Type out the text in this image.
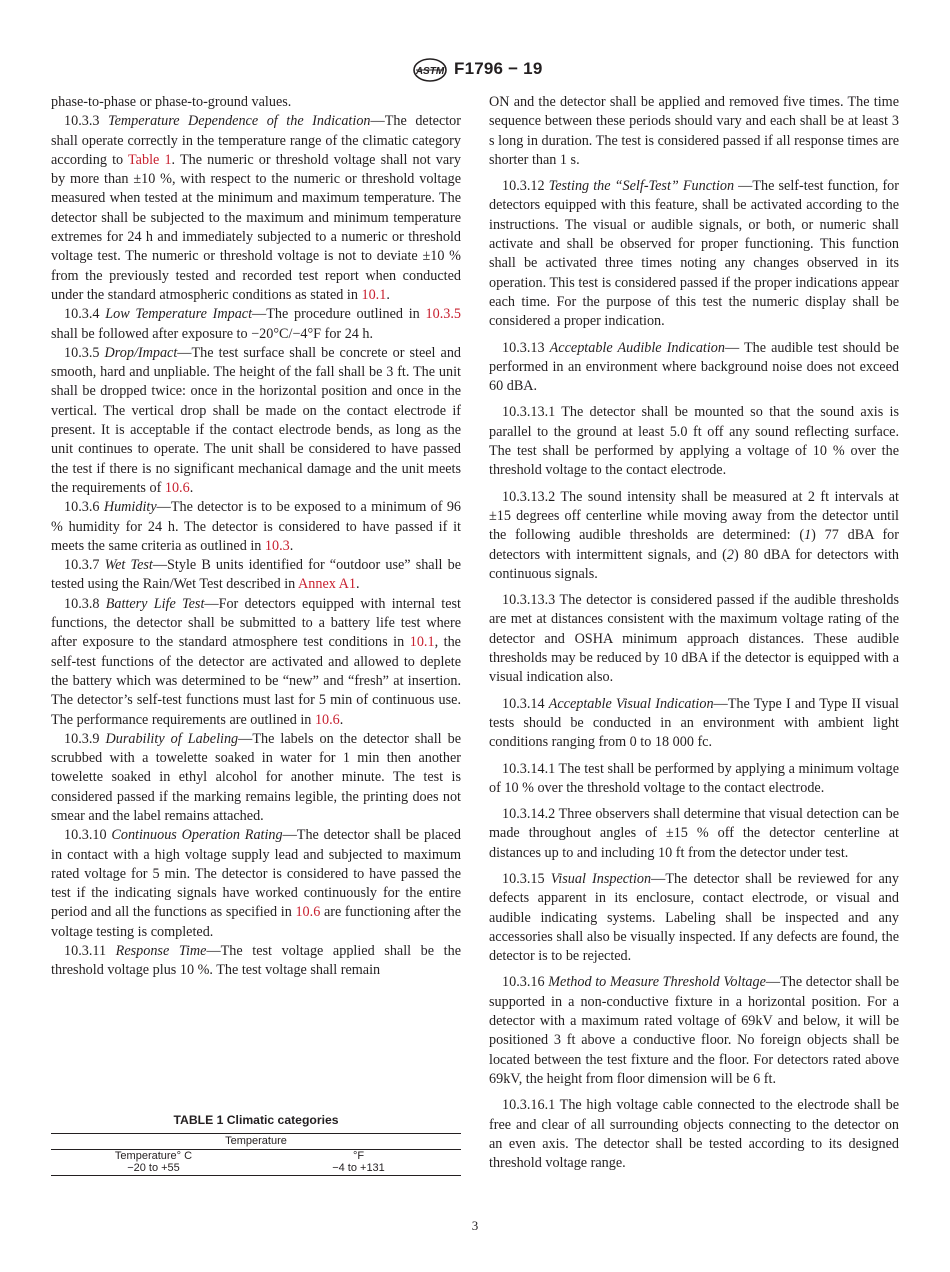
ASTM F1796 − 19

phase-to-phase or phase-to-ground values.

10.3.3 Temperature Dependence of the Indication—The detector shall operate correctly in the temperature range of the climatic category according to Table 1. The numeric or threshold voltage shall not vary by more than ±10 %, with respect to the numeric or threshold voltage measured when tested at the minimum and maximum temperature. The detector shall be subjected to the maximum and minimum temperature extremes for 24 h and immediately subjected to a numeric or threshold voltage test. The numeric or threshold voltage is not to deviate ±10 % from the previously tested and recorded test report when conducted under the standard atmospheric conditions as stated in 10.1.

10.3.4 Low Temperature Impact—The procedure outlined in 10.3.5 shall be followed after exposure to −20°C/−4°F for 24 h.

10.3.5 Drop/Impact—The test surface shall be concrete or steel and smooth, hard and unpliable. The height of the fall shall be 3 ft. The unit shall be dropped twice: once in the horizontal position and once in the vertical. The vertical drop shall be made on the contact electrode if present. It is acceptable if the contact electrode bends, as long as the unit continues to operate. The unit shall be considered to have passed the test if there is no significant mechanical damage and the unit meets the requirements of 10.6.

10.3.6 Humidity—The detector is to be exposed to a minimum of 96 % humidity for 24 h. The detector is considered to have passed if it meets the same criteria as outlined in 10.3.

10.3.7 Wet Test—Style B units identified for “outdoor use” shall be tested using the Rain/Wet Test described in Annex A1.

10.3.8 Battery Life Test—For detectors equipped with internal test functions, the detector shall be submitted to a battery life test where after exposure to the standard atmosphere test conditions in 10.1, the self-test functions of the detector are activated and allowed to deplete the battery which was determined to be “new” and “fresh” at insertion. The detector’s self-test functions must last for 5 min of continuous use. The performance requirements are outlined in 10.6.

10.3.9 Durability of Labeling—The labels on the detector shall be scrubbed with a towelette soaked in water for 1 min then another towelette soaked in ethyl alcohol for another minute. The test is considered passed if the marking remains legible, the printing does not smear and the label remains attached.

10.3.10 Continuous Operation Rating—The detector shall be placed in contact with a high voltage supply lead and subjected to maximum rated voltage for 5 min. The detector is considered to have passed the test if the indicating signals have worked continuously for the entire period and all the functions as specified in 10.6 are functioning after the voltage testing is completed.

10.3.11 Response Time—The test voltage applied shall be the threshold voltage plus 10 %. The test voltage shall remain

ON and the detector shall be applied and removed five times. The time sequence between these periods should vary and each shall be at least 3 s long in duration. The test is considered passed if all response times are shorter than 1 s.

10.3.12 Testing the “Self-Test” Function —The self-test function, for detectors equipped with this feature, shall be activated according to the instructions. The visual or audible signals, or both, or numeric shall activate and shall be observed for proper functioning. This function shall be activated three times noting any changes observed in its operation. This test is considered passed if the proper indications appear each time. For the purpose of this test the numeric display shall be considered a proper indication.

10.3.13 Acceptable Audible Indication— The audible test should be performed in an environment where background noise does not exceed 60 dBA.

10.3.13.1 The detector shall be mounted so that the sound axis is parallel to the ground at least 5.0 ft off any sound reflecting surface. The test shall be performed by applying a voltage of 10 % over the threshold voltage to the contact electrode.

10.3.13.2 The sound intensity shall be measured at 2 ft intervals at ±15 degrees off centerline while moving away from the detector until the following audible thresholds are determined: (1) 77 dBA for detectors with intermittent signals, and (2) 80 dBA for detectors with continuous signals.

10.3.13.3 The detector is considered passed if the audible thresholds are met at distances consistent with the maximum voltage rating of the detector and OSHA minimum approach distances. These audible thresholds may be reduced by 10 dBA if the detector is equipped with a visual indication also.

10.3.14 Acceptable Visual Indication—The Type I and Type II visual tests should be conducted in an environment with ambient light conditions ranging from 0 to 18 000 fc.

10.3.14.1 The test shall be performed by applying a minimum voltage of 10 % over the threshold voltage to the contact electrode.

10.3.14.2 Three observers shall determine that visual detection can be made throughout angles of ±15 % off the detector centerline at distances up to and including 10 ft from the detector under test.

10.3.15 Visual Inspection—The detector shall be reviewed for any defects apparent in its enclosure, contact electrode, or visual and audible indicating systems. Labeling shall be inspected and any accessories shall also be visually inspected. If any defects are found, the detector is to be rejected.

10.3.16 Method to Measure Threshold Voltage—The detector shall be supported in a non-conductive fixture in a horizontal position. For a detector with a maximum rated voltage of 69kV and below, it will be positioned 3 ft above a conductive floor. No foreign objects shall be located between the test fixture and the floor. For detectors rated above 69kV, the height from floor dimension will be 6 ft.

10.3.16.1 The high voltage cable connected to the electrode shall be free and clear of all surrounding objects connecting to the detector on an even axis. The detector shall be tested according to its designed threshold voltage range.

TABLE 1 Climatic categories
Temperature
Temperature° C	°F
−20 to +55	−4 to +131
3
